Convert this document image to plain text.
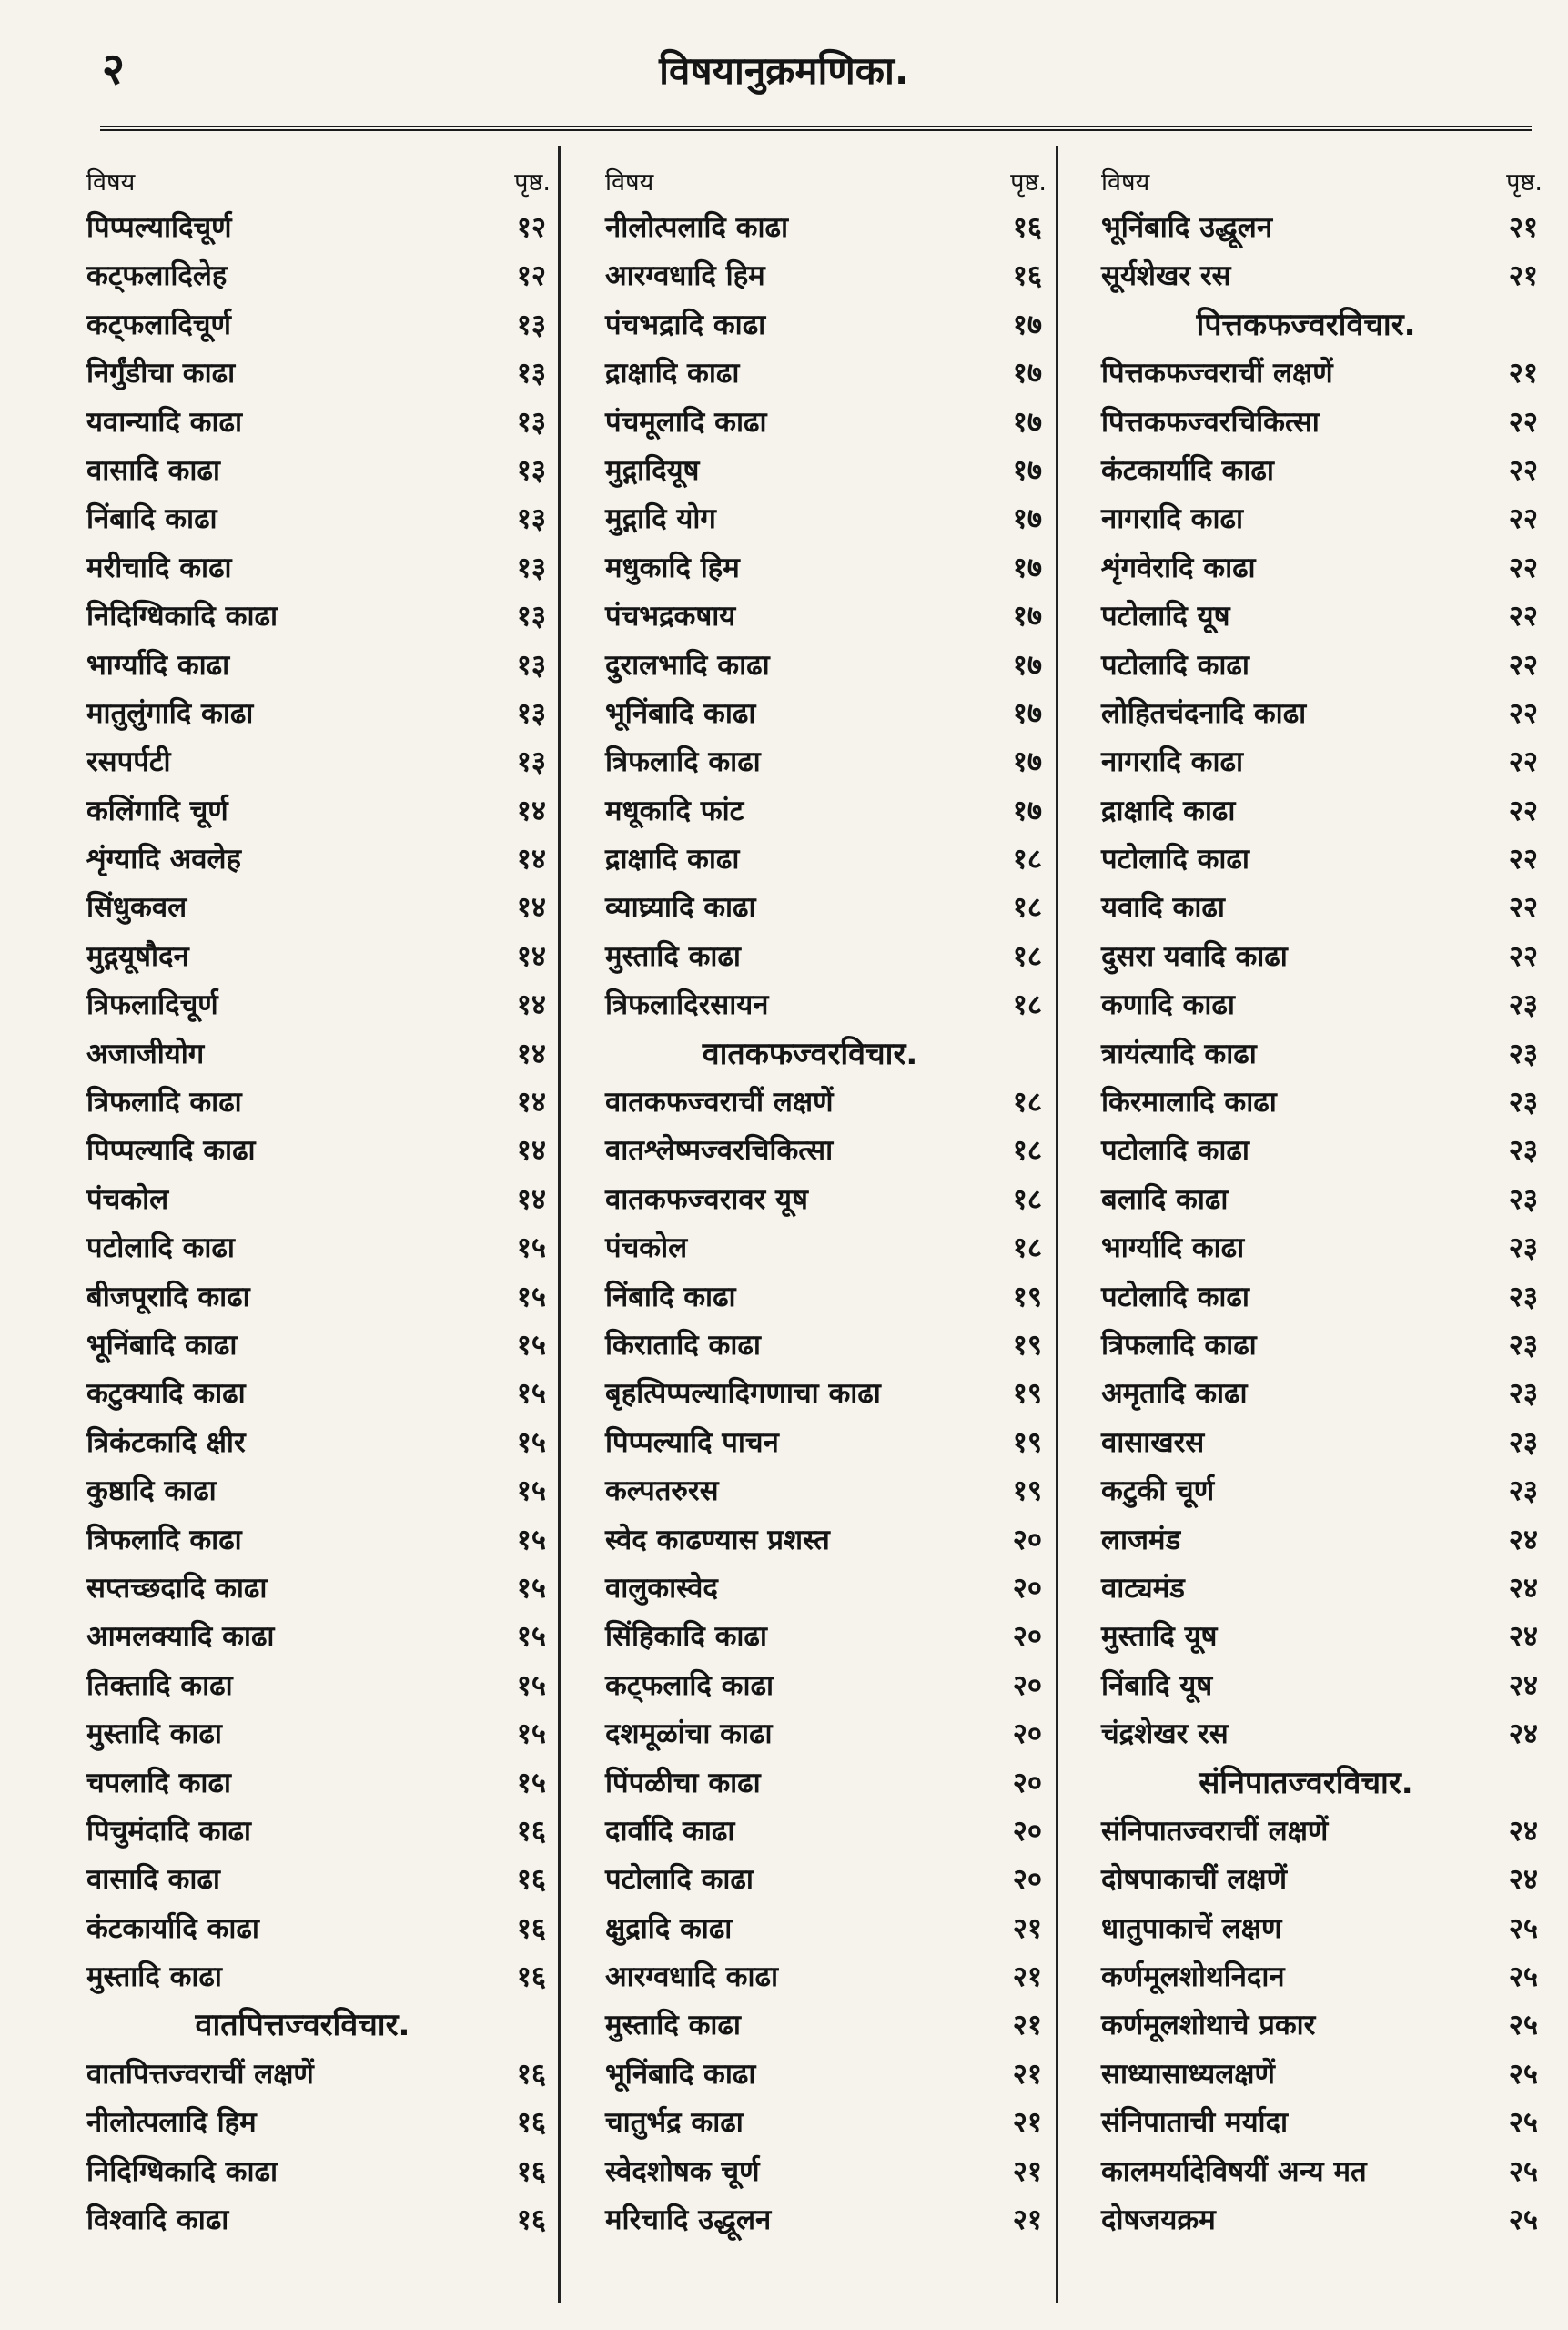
२	विषयानुक्रमणिका.
विषय	पृष्ठ.
पिप्पल्यादिचूर्ण	१२
कट्फलादिलेह	१२
कट्फलादिचूर्ण	१३
निर्गुंडीचा काढा	१३
यवान्यादि काढा	१३
वासादि काढा	१३
निंबादि काढा	१३
मरीचादि काढा	१३
निदिग्धिकादि काढा	१३
भार्ग्यादि काढा	१३
मातुलुंगादि काढा	१३
रसपर्पटी	१३
कलिंगादि चूर्ण	१४
शृंग्यादि अवलेह	१४
सिंधुकवल	१४
मुद्गयूषौदन	१४
त्रिफलादिचूर्ण	१४
अजाजीयोग	१४
त्रिफलादि काढा	१४
पिप्पल्यादि काढा	१४
पंचकोल	१४
पटोलादि काढा	१५
बीजपूरादि काढा	१५
भूनिंबादि काढा	१५
कटुक्यादि काढा	१५
त्रिकंटकादि क्षीर	१५
कुष्ठादि काढा	१५
त्रिफलादि काढा	१५
सप्तच्छदादि काढा	१५
आमलक्यादि काढा	१५
तिक्तादि काढा	१५
मुस्तादि काढा	१५
चपलादि काढा	१५
पिचुमंदादि काढा	१६
वासादि काढा	१६
कंटकार्यादि काढा	१६
मुस्तादि काढा	१६
वातपित्तज्वरविचार.
वातपित्तज्वराचीं लक्षणें	१६
नीलोत्पलादि हिम	१६
निदिग्धिकादि काढा	१६
विश्वादि काढा	१६
विषय	पृष्ठ.
नीलोत्पलादि काढा	१६
आरग्वधादि हिम	१६
पंचभद्रादि काढा	१७
द्राक्षादि काढा	१७
पंचमूलादि काढा	१७
मुद्गादियूष	१७
मुद्गादि योग	१७
मधुकादि हिम	१७
पंचभद्रकषाय	१७
दुरालभादि काढा	१७
भूनिंबादि काढा	१७
त्रिफलादि काढा	१७
मधूकादि फांट	१७
द्राक्षादि काढा	१८
व्याघ्र्यादि काढा	१८
मुस्तादि काढा	१८
त्रिफलादिरसायन	१८
वातकफज्वरविचार.
वातकफज्वराचीं लक्षणें	१८
वातश्लेष्मज्वरचिकित्सा	१८
वातकफज्वरावर यूष	१८
पंचकोल	१८
निंबादि काढा	१९
किरातादि काढा	१९
बृहत्पिप्पल्यादिगणाचा काढा	१९
पिप्पल्यादि पाचन	१९
कल्पतरुरस	१९
स्वेद काढण्यास प्रशस्त	२०
वालुकास्वेद	२०
सिंहिकादि काढा	२०
कट्फलादि काढा	२०
दशमूळांचा काढा	२०
पिंपळीचा काढा	२०
दार्वादि काढा	२०
पटोलादि काढा	२०
क्षुद्रादि काढा	२१
आरग्वधादि काढा	२१
मुस्तादि काढा	२१
भूनिंबादि काढा	२१
चातुर्भद्र काढा	२१
स्वेदशोषक चूर्ण	२१
मरिचादि उद्धूलन	२१
विषय	पृष्ठ.
भूनिंबादि उद्धूलन	२१
सूर्यशेखर रस	२१
पित्तकफज्वरविचार.
पित्तकफज्वराचीं लक्षणें	२१
पित्तकफज्वरचिकित्सा	२२
कंटकार्यादि काढा	२२
नागरादि काढा	२२
शृंगवेरादि काढा	२२
पटोलादि यूष	२२
पटोलादि काढा	२२
लोहितचंदनादि काढा	२२
नागरादि काढा	२२
द्राक्षादि काढा	२२
पटोलादि काढा	२२
यवादि काढा	२२
दुसरा यवादि काढा	२२
कणादि काढा	२३
त्रायंत्यादि काढा	२३
किरमालादि काढा	२३
पटोलादि काढा	२३
बलादि काढा	२३
भार्ग्यादि काढा	२३
पटोलादि काढा	२३
त्रिफलादि काढा	२३
अमृतादि काढा	२३
वासाखरस	२३
कटुकी चूर्ण	२३
लाजमंड	२४
वाट्यमंड	२४
मुस्तादि यूष	२४
निंबादि यूष	२४
चंद्रशेखर रस	२४
संनिपातज्वरविचार.
संनिपातज्वराचीं लक्षणें	२४
दोषपाकाचीं लक्षणें	२४
धातुपाकाचें लक्षण	२५
कर्णमूलशोथनिदान	२५
कर्णमूलशोथाचे प्रकार	२५
साध्यासाध्यलक्षणें	२५
संनिपाताची मर्यादा	२५
कालमर्यादेविषयीं अन्य मत	२५
दोषजयक्रम	२५
